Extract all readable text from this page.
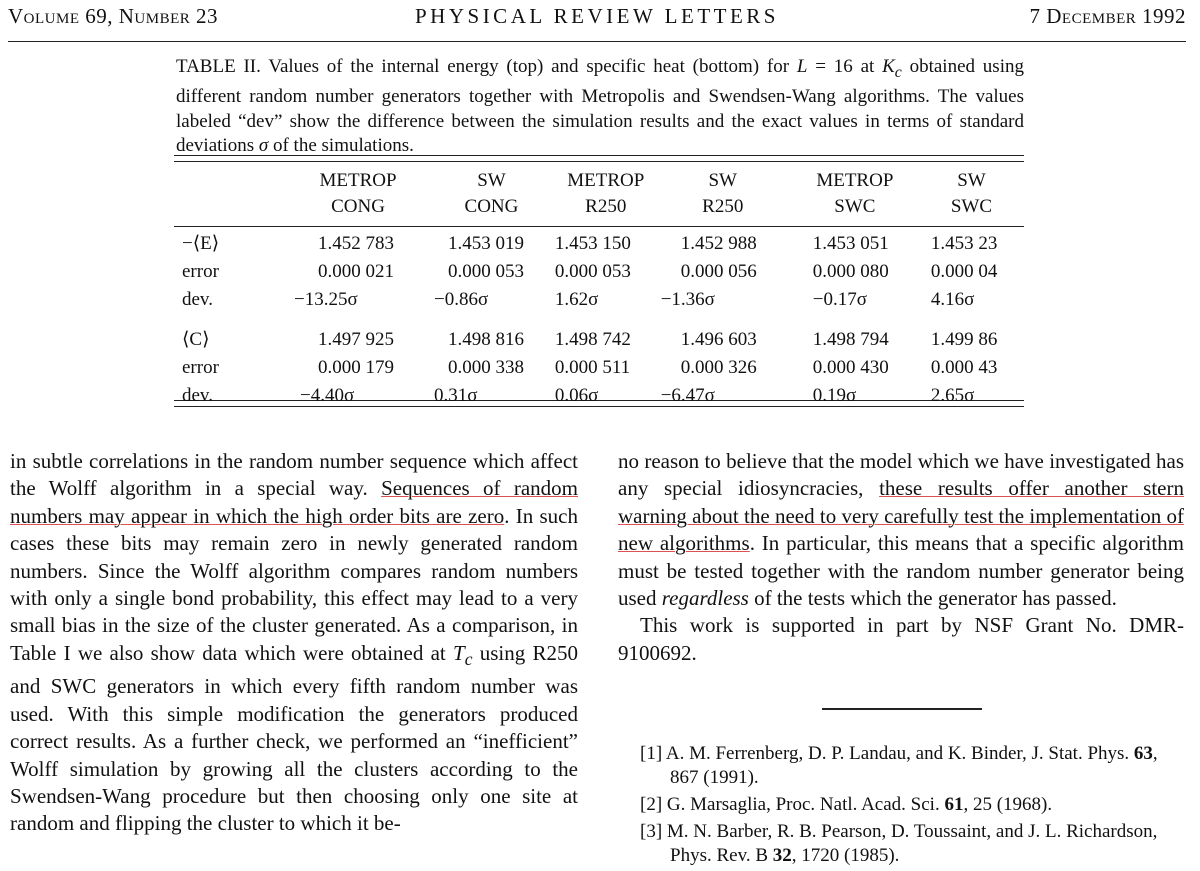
Volume 69, Number 23	PHYSICAL REVIEW LETTERS	7 December 1992
TABLE II. Values of the internal energy (top) and specific heat (bottom) for L = 16 at $K_c$ obtained using different random number generators together with Metropolis and Swendsen-Wang algorithms. The values labeled “dev” show the difference between the simulation results and the exact values in terms of standard deviations σ of the simulations.
	METROP	SW	METROP	SW	METROP	SW
	CONG	CONG	R250	R250	SWC	SWC

−⟨E⟩	1.452 783	1.453 019	1.453 150	1.452 988	1.453 051	1.453 23
error	0.000 021	0.000 053	0.000 053	0.000 056	0.000 080	0.000 04
dev.	−13.25σ	−0.86σ	1.62σ	−1.36σ	−0.17σ	4.16σ

⟨C⟩	1.497 925	1.498 816	1.498 742	1.496 603	1.498 794	1.499 86
error	0.000 179	0.000 338	0.000 511	0.000 326	0.000 430	0.000 43
dev.	−4.40σ	0.31σ	0.06σ	−6.47σ	0.19σ	2.65σ

in subtle correlations in the random number sequence which affect the Wolff algorithm in a special way. Sequences of random numbers may appear in which the high order bits are zero. In such cases these bits may remain zero in newly generated random numbers. Since the Wolff algorithm compares random numbers with only a single bond probability, this effect may lead to a very small bias in the size of the cluster generated. As a comparison, in Table I we also show data which were obtained at $T_c$ using R250 and SWC generators in which every fifth random number was used. With this simple modification the generators produced correct results. As a further check, we performed an “inefficient” Wolff simulation by growing all the clusters according to the Swendsen-Wang procedure but then choosing only one site at random and flipping the cluster to which it be-

no reason to believe that the model which we have investigated has any special idiosyncracies, these results offer another stern warning about the need to very carefully test the implementation of new algorithms. In particular, this means that a specific algorithm must be tested together with the random number generator being used regardless of the tests which the generator has passed.

This work is supported in part by NSF Grant No. DMR-9100692.

[1] A. M. Ferrenberg, D. P. Landau, and K. Binder, J. Stat. Phys. 63, 867 (1991).
[2] G. Marsaglia, Proc. Natl. Acad. Sci. 61, 25 (1968).
[3] M. N. Barber, R. B. Pearson, D. Toussaint, and J. L. Richardson, Phys. Rev. B 32, 1720 (1985).
